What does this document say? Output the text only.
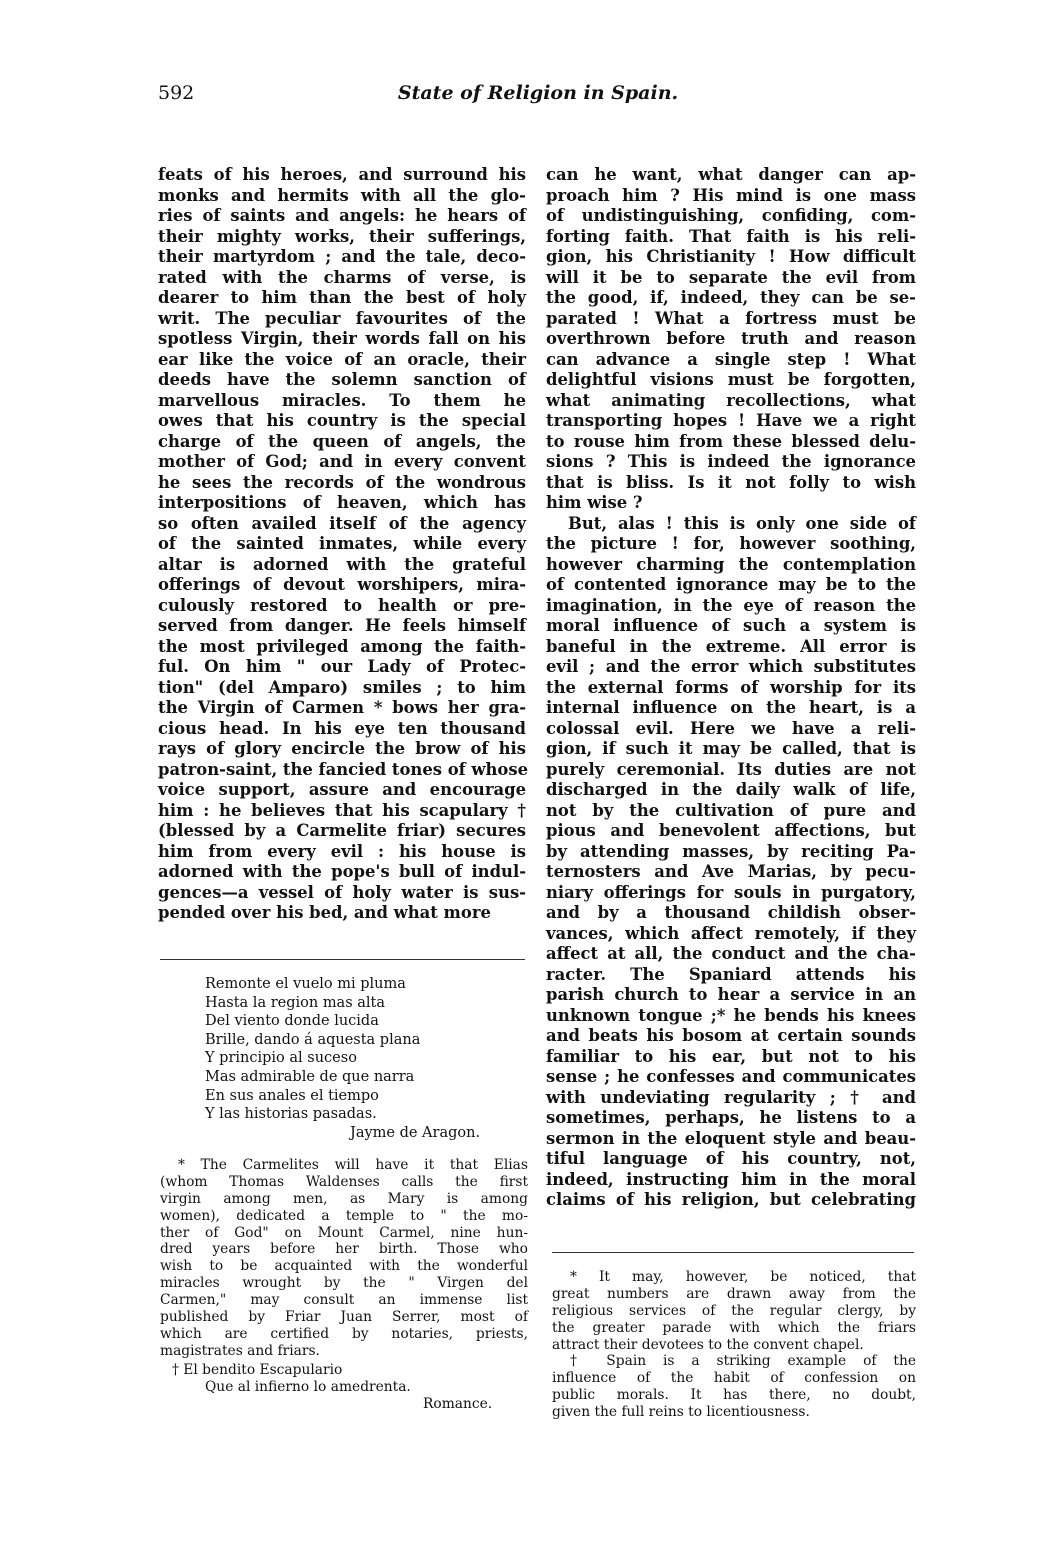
592	State of Religion in Spain.
feats of his heroes, and surround his
monks and hermits with all the glo-
ries of saints and angels: he hears of
their mighty works, their sufferings,
their martyrdom ; and the tale, deco-
rated with the charms of verse, is
dearer to him than the best of holy
writ. The peculiar favourites of the
spotless Virgin, their words fall on his
ear like the voice of an oracle, their
deeds have the solemn sanction of
marvellous miracles. To them he
owes that his country is the special
charge of the queen of angels, the
mother of God; and in every convent
he sees the records of the wondrous
interpositions of heaven, which has
so often availed itself of the agency
of the sainted inmates, while every
altar is adorned with the grateful
offerings of devout worshipers, mira-
culously restored to health or pre-
served from danger. He feels himself
the most privileged among the faith-
ful. On him " our Lady of Protec-
tion" (del Amparo) smiles ; to him
the Virgin of Carmen * bows her gra-
cious head. In his eye ten thousand
rays of glory encircle the brow of his
patron-saint, the fancied tones of whose
voice support, assure and encourage
him : he believes that his scapulary †
(blessed by a Carmelite friar) secures
him from every evil : his house is
adorned with the pope's bull of indul-
gences—a vessel of holy water is sus-
pended over his bed, and what more
Remonte el vuelo mi pluma
Hasta la region mas alta
Del viento donde lucida
Brille, dando á aquesta plana
Y principio al suceso
Mas admirable de que narra
En sus anales el tiempo
Y las historias pasadas.
Jayme de Aragon.
* The Carmelites will have it that Elias
(whom Thomas Waldenses calls the first
virgin among men, as Mary is among
women), dedicated a temple to " the mo-
ther of God" on Mount Carmel, nine hun-
dred years before her birth. Those who
wish to be acquainted with the wonderful
miracles wrought by the " Virgen del
Carmen," may consult an immense list
published by Friar Juan Serrer, most of
which are certified by notaries, priests,
magistrates and friars.
† El bendito Escapulario
Que al infierno lo amedrenta.
Romance.
can he want, what danger can ap-
proach him ? His mind is one mass
of undistinguishing, confiding, com-
forting faith. That faith is his reli-
gion, his Christianity ! How difficult
will it be to separate the evil from
the good, if, indeed, they can be se-
parated ! What a fortress must be
overthrown before truth and reason
can advance a single step ! What
delightful visions must be forgotten,
what animating recollections, what
transporting hopes ! Have we a right
to rouse him from these blessed delu-
sions ? This is indeed the ignorance
that is bliss. Is it not folly to wish
him wise ?
But, alas ! this is only one side of
the picture ! for, however soothing,
however charming the contemplation
of contented ignorance may be to the
imagination, in the eye of reason the
moral influence of such a system is
baneful in the extreme. All error is
evil ; and the error which substitutes
the external forms of worship for its
internal influence on the heart, is a
colossal evil. Here we have a reli-
gion, if such it may be called, that is
purely ceremonial. Its duties are not
discharged in the daily walk of life,
not by the cultivation of pure and
pious and benevolent affections, but
by attending masses, by reciting Pa-
ternosters and Ave Marias, by pecu-
niary offerings for souls in purgatory,
and by a thousand childish obser-
vances, which affect remotely, if they
affect at all, the conduct and the cha-
racter. The Spaniard attends his
parish church to hear a service in an
unknown tongue ;* he bends his knees
and beats his bosom at certain sounds
familiar to his ear, but not to his
sense ; he confesses and communicates
with undeviating regularity ; † and
sometimes, perhaps, he listens to a
sermon in the eloquent style and beau-
tiful language of his country, not,
indeed, instructing him in the moral
claims of his religion, but celebrating
* It may, however, be noticed, that
great numbers are drawn away from the
religious services of the regular clergy, by
the greater parade with which the friars
attract their devotees to the convent chapel.
† Spain is a striking example of the
influence of the habit of confession on
public morals. It has there, no doubt,
given the full reins to licentiousness.
